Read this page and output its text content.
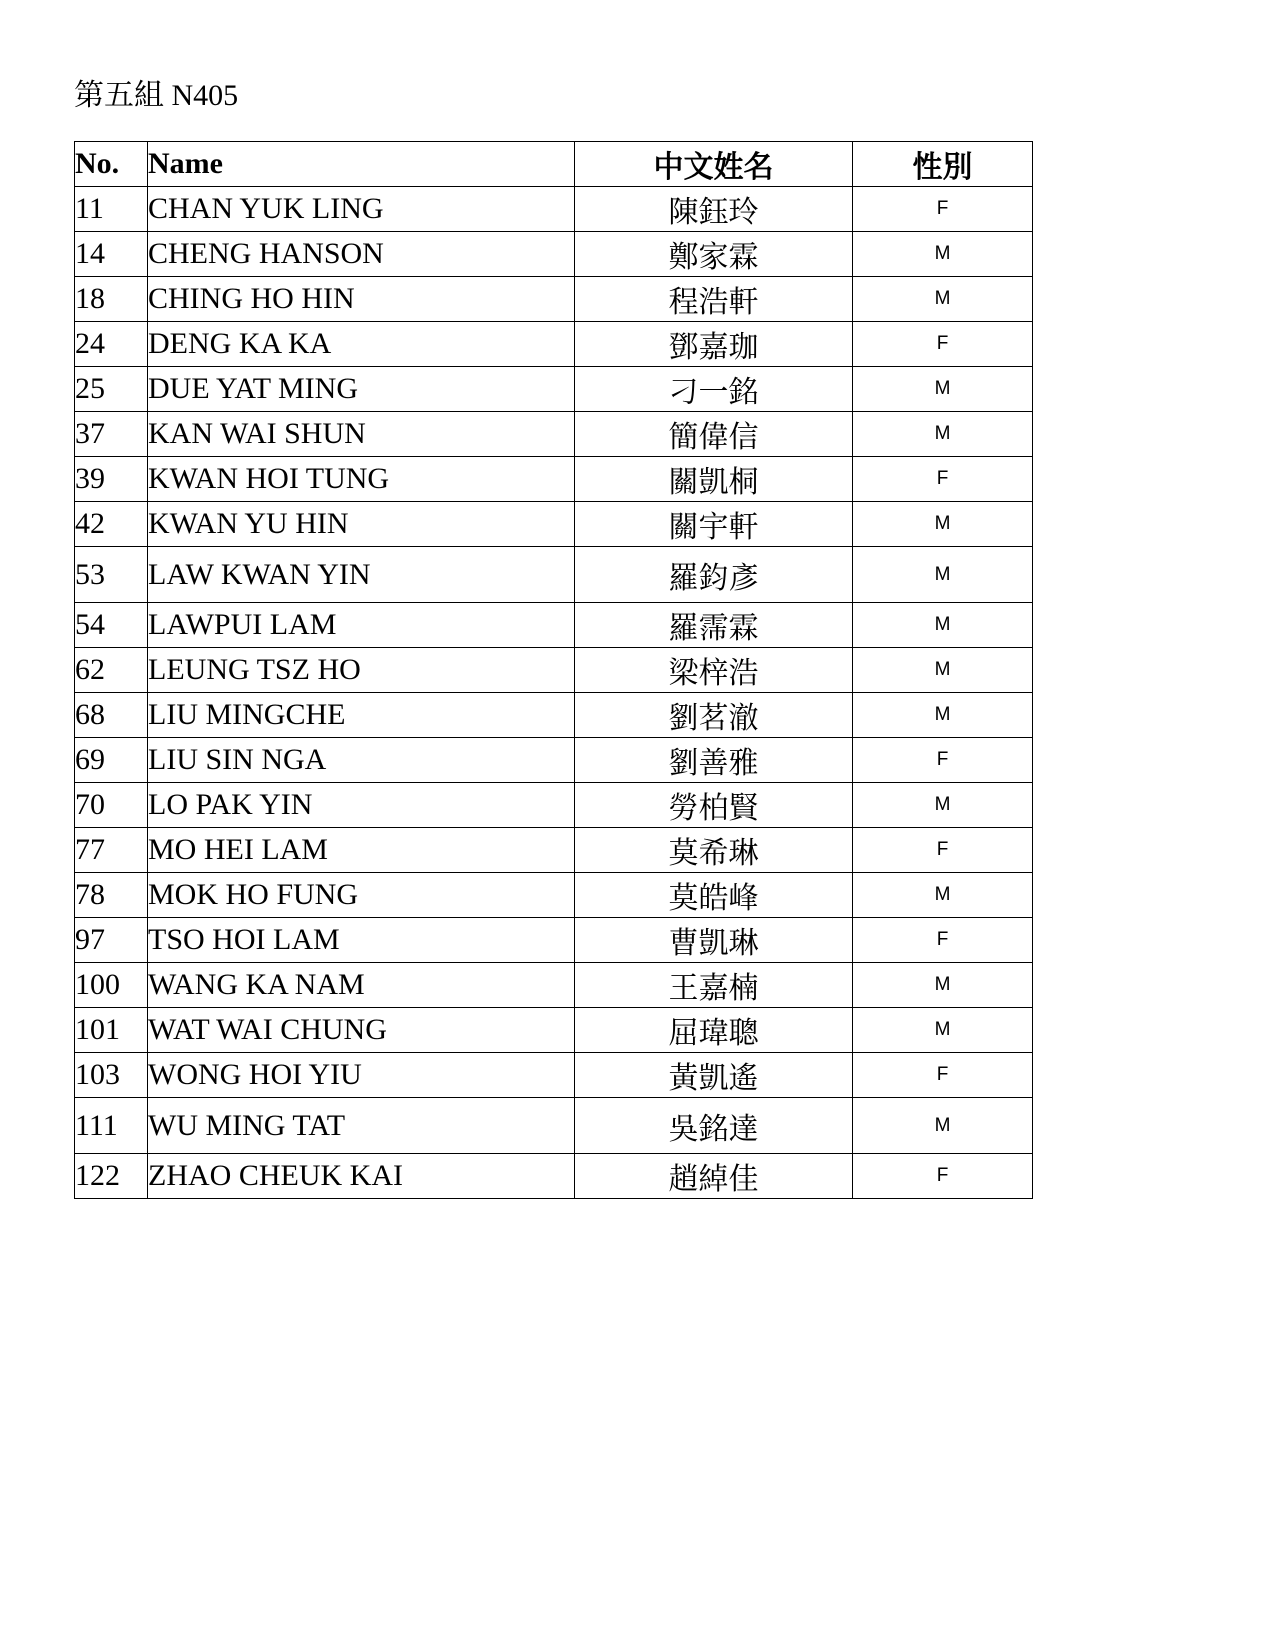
第五組 N405
No.	Name	中文姓名	性別
11	CHAN YUK LING	陳鈺玲	F
14	CHENG HANSON	鄭家霖	M
18	CHING HO HIN	程浩軒	M
24	DENG KA KA	鄧嘉珈	F
25	DUE YAT MING	刁一銘	M
37	KAN WAI SHUN	簡偉信	M
39	KWAN HOI TUNG	關凱桐	F
42	KWAN YU HIN	關宇軒	M
53	LAW KWAN YIN	羅鈞彥	M
54	LAWPUI LAM	羅霈霖	M
62	LEUNG TSZ HO	梁梓浩	M
68	LIU MINGCHE	劉茗澈	M
69	LIU SIN NGA	劉善雅	F
70	LO PAK YIN	勞柏賢	M
77	MO HEI LAM	莫希琳	F
78	MOK HO FUNG	莫皓峰	M
97	TSO HOI LAM	曹凱琳	F
100	WANG KA NAM	王嘉楠	M
101	WAT WAI CHUNG	屈瑋聰	M
103	WONG HOI YIU	黃凱遙	F
111	WU MING TAT	吳銘達	M
122	ZHAO CHEUK KAI	趙綽佳	F
